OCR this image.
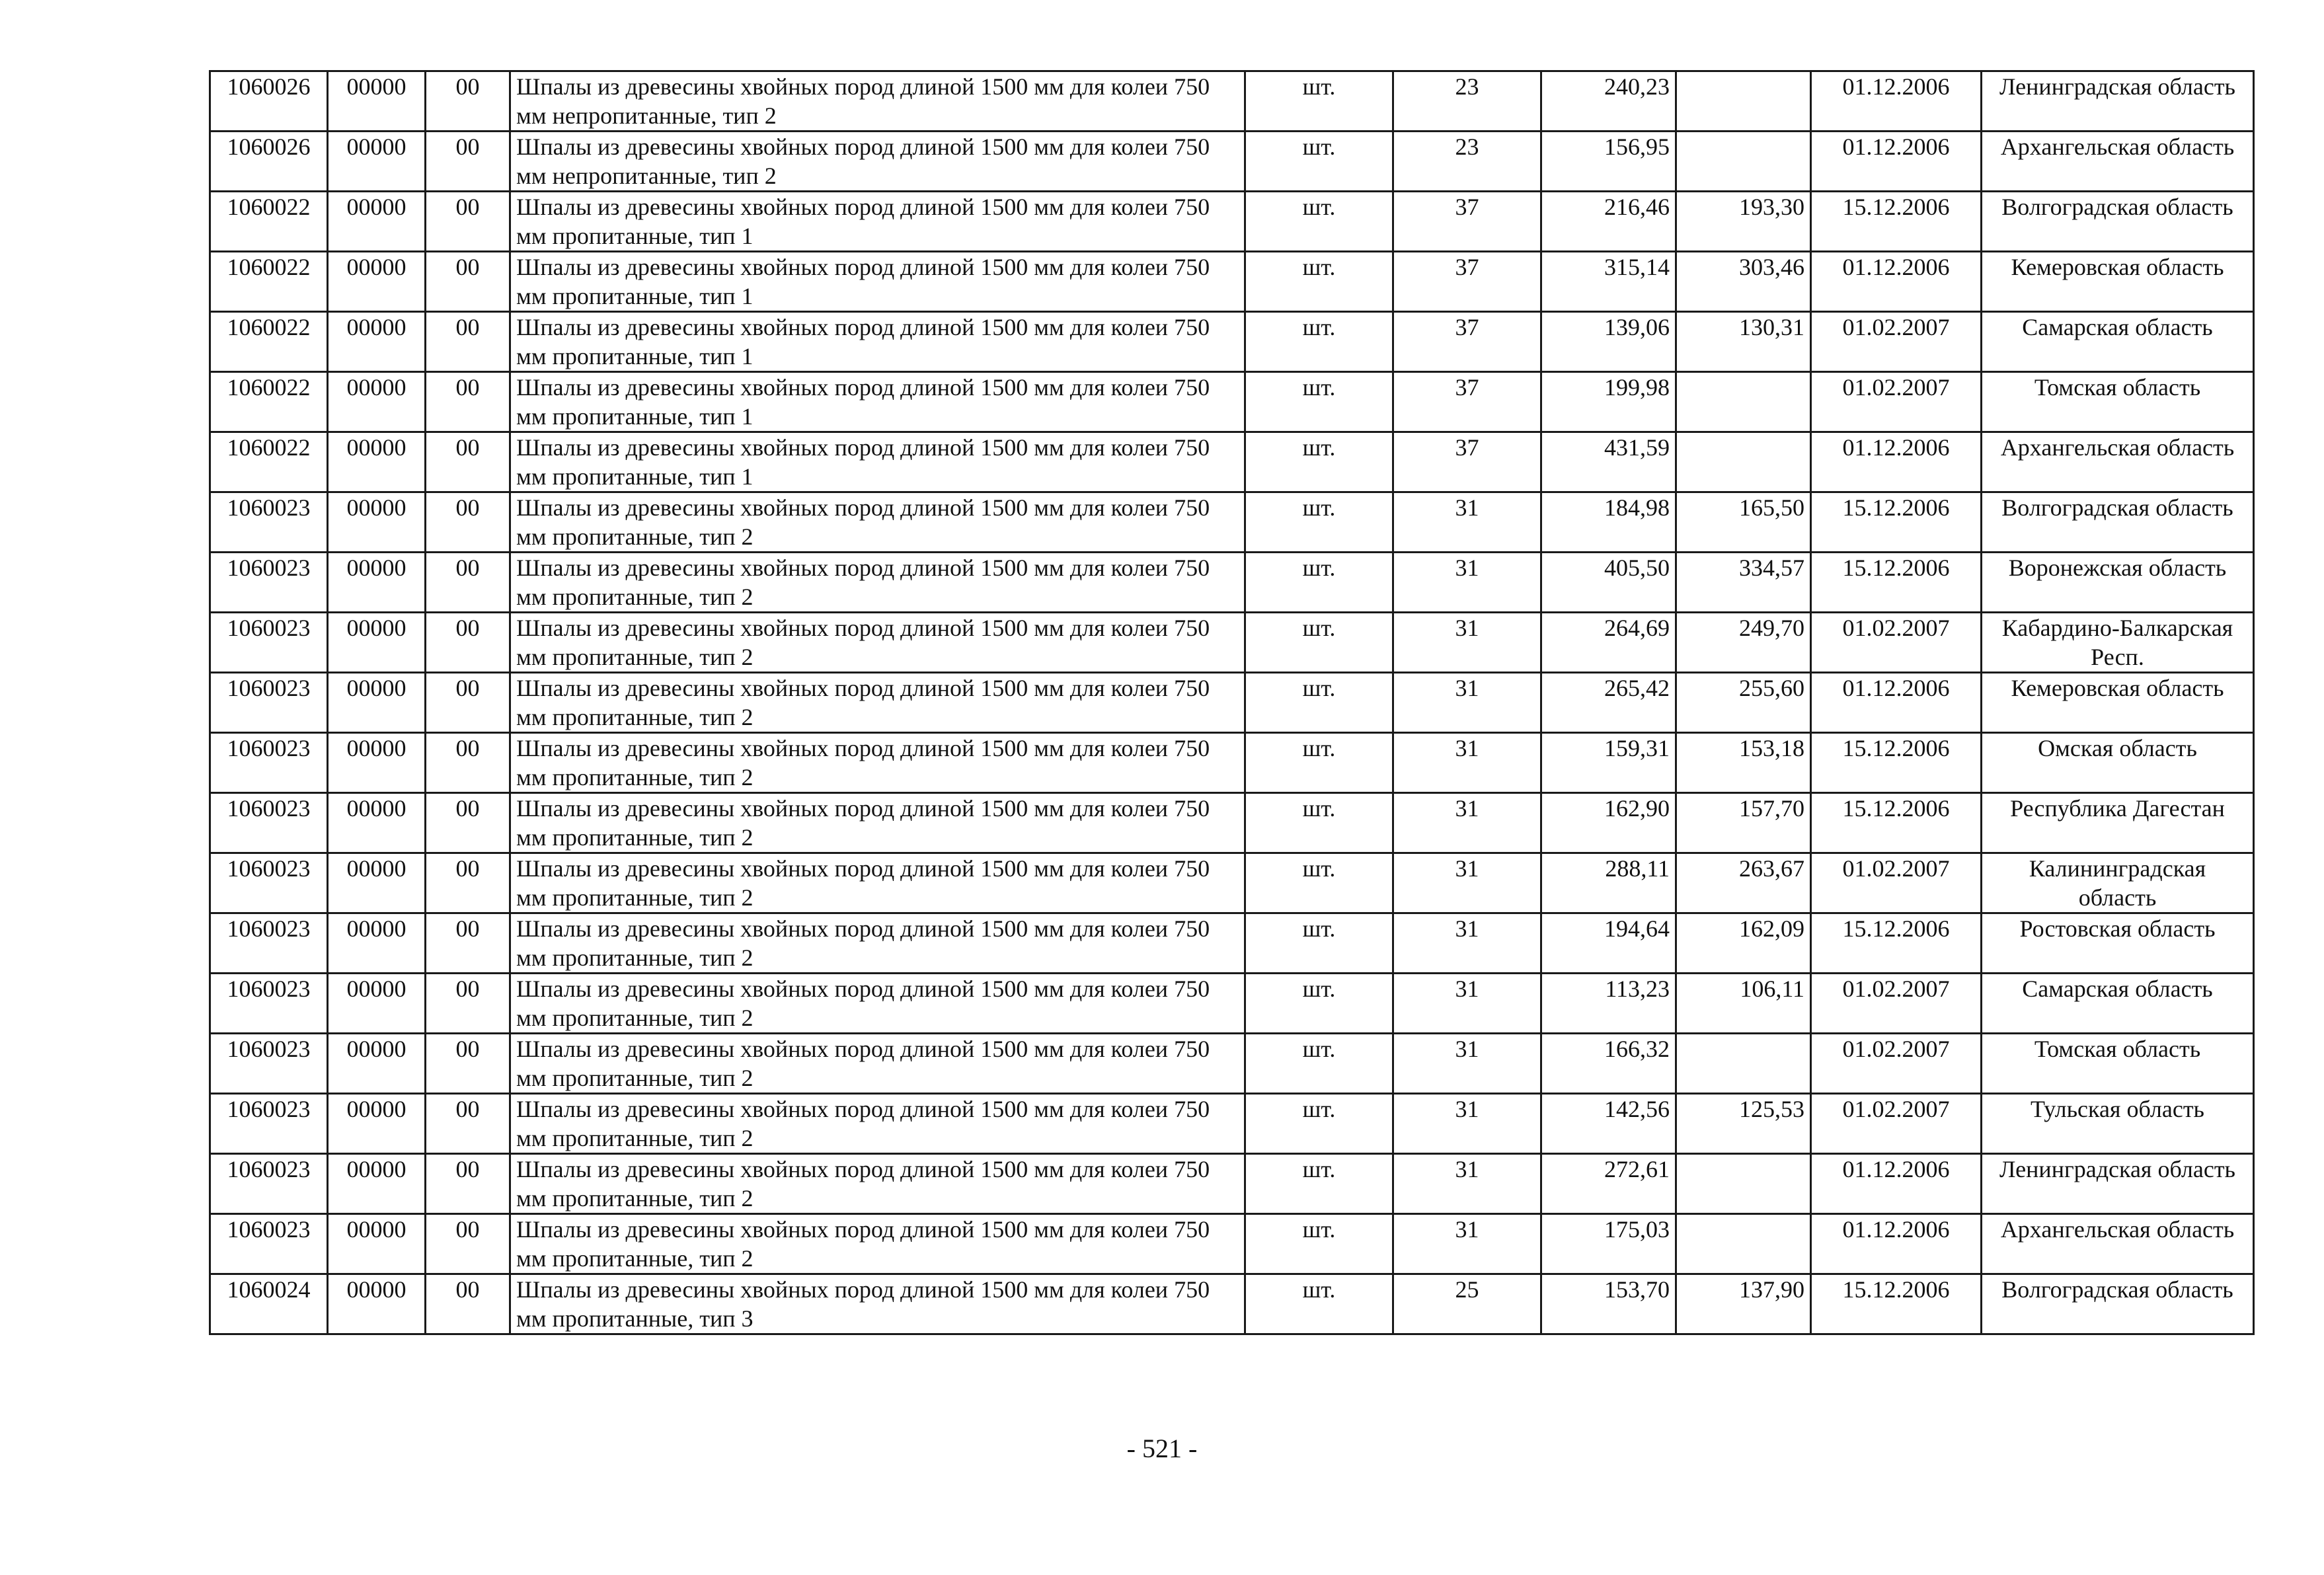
1060026	00000	00	Шпалы из древесины хвойных пород длиной 1500 мм для колеи 750 мм непропитанные, тип 2	шт.	23	240,23		01.12.2006	Ленинградская область
1060026	00000	00	Шпалы из древесины хвойных пород длиной 1500 мм для колеи 750 мм непропитанные, тип 2	шт.	23	156,95		01.12.2006	Архангельская область
1060022	00000	00	Шпалы из древесины хвойных пород длиной 1500 мм для колеи 750 мм пропитанные, тип 1	шт.	37	216,46	193,30	15.12.2006	Волгоградская область
1060022	00000	00	Шпалы из древесины хвойных пород длиной 1500 мм для колеи 750 мм пропитанные, тип 1	шт.	37	315,14	303,46	01.12.2006	Кемеровская область
1060022	00000	00	Шпалы из древесины хвойных пород длиной 1500 мм для колеи 750 мм пропитанные, тип 1	шт.	37	139,06	130,31	01.02.2007	Самарская область
1060022	00000	00	Шпалы из древесины хвойных пород длиной 1500 мм для колеи 750 мм пропитанные, тип 1	шт.	37	199,98		01.02.2007	Томская область
1060022	00000	00	Шпалы из древесины хвойных пород длиной 1500 мм для колеи 750 мм пропитанные, тип 1	шт.	37	431,59		01.12.2006	Архангельская область
1060023	00000	00	Шпалы из древесины хвойных пород длиной 1500 мм для колеи 750 мм пропитанные, тип 2	шт.	31	184,98	165,50	15.12.2006	Волгоградская область
1060023	00000	00	Шпалы из древесины хвойных пород длиной 1500 мм для колеи 750 мм пропитанные, тип 2	шт.	31	405,50	334,57	15.12.2006	Воронежская область
1060023	00000	00	Шпалы из древесины хвойных пород длиной 1500 мм для колеи 750 мм пропитанные, тип 2	шт.	31	264,69	249,70	01.02.2007	Кабардино-Балкарская Респ.
1060023	00000	00	Шпалы из древесины хвойных пород длиной 1500 мм для колеи 750 мм пропитанные, тип 2	шт.	31	265,42	255,60	01.12.2006	Кемеровская область
1060023	00000	00	Шпалы из древесины хвойных пород длиной 1500 мм для колеи 750 мм пропитанные, тип 2	шт.	31	159,31	153,18	15.12.2006	Омская область
1060023	00000	00	Шпалы из древесины хвойных пород длиной 1500 мм для колеи 750 мм пропитанные, тип 2	шт.	31	162,90	157,70	15.12.2006	Республика Дагестан
1060023	00000	00	Шпалы из древесины хвойных пород длиной 1500 мм для колеи 750 мм пропитанные, тип 2	шт.	31	288,11	263,67	01.02.2007	Калининградская область
1060023	00000	00	Шпалы из древесины хвойных пород длиной 1500 мм для колеи 750 мм пропитанные, тип 2	шт.	31	194,64	162,09	15.12.2006	Ростовская область
1060023	00000	00	Шпалы из древесины хвойных пород длиной 1500 мм для колеи 750 мм пропитанные, тип 2	шт.	31	113,23	106,11	01.02.2007	Самарская область
1060023	00000	00	Шпалы из древесины хвойных пород длиной 1500 мм для колеи 750 мм пропитанные, тип 2	шт.	31	166,32		01.02.2007	Томская область
1060023	00000	00	Шпалы из древесины хвойных пород длиной 1500 мм для колеи 750 мм пропитанные, тип 2	шт.	31	142,56	125,53	01.02.2007	Тульская область
1060023	00000	00	Шпалы из древесины хвойных пород длиной 1500 мм для колеи 750 мм пропитанные, тип 2	шт.	31	272,61		01.12.2006	Ленинградская область
1060023	00000	00	Шпалы из древесины хвойных пород длиной 1500 мм для колеи 750 мм пропитанные, тип 2	шт.	31	175,03		01.12.2006	Архангельская область
1060024	00000	00	Шпалы из древесины хвойных пород длиной 1500 мм для колеи 750 мм пропитанные, тип 3	шт.	25	153,70	137,90	15.12.2006	Волгоградская область
- 521 -
